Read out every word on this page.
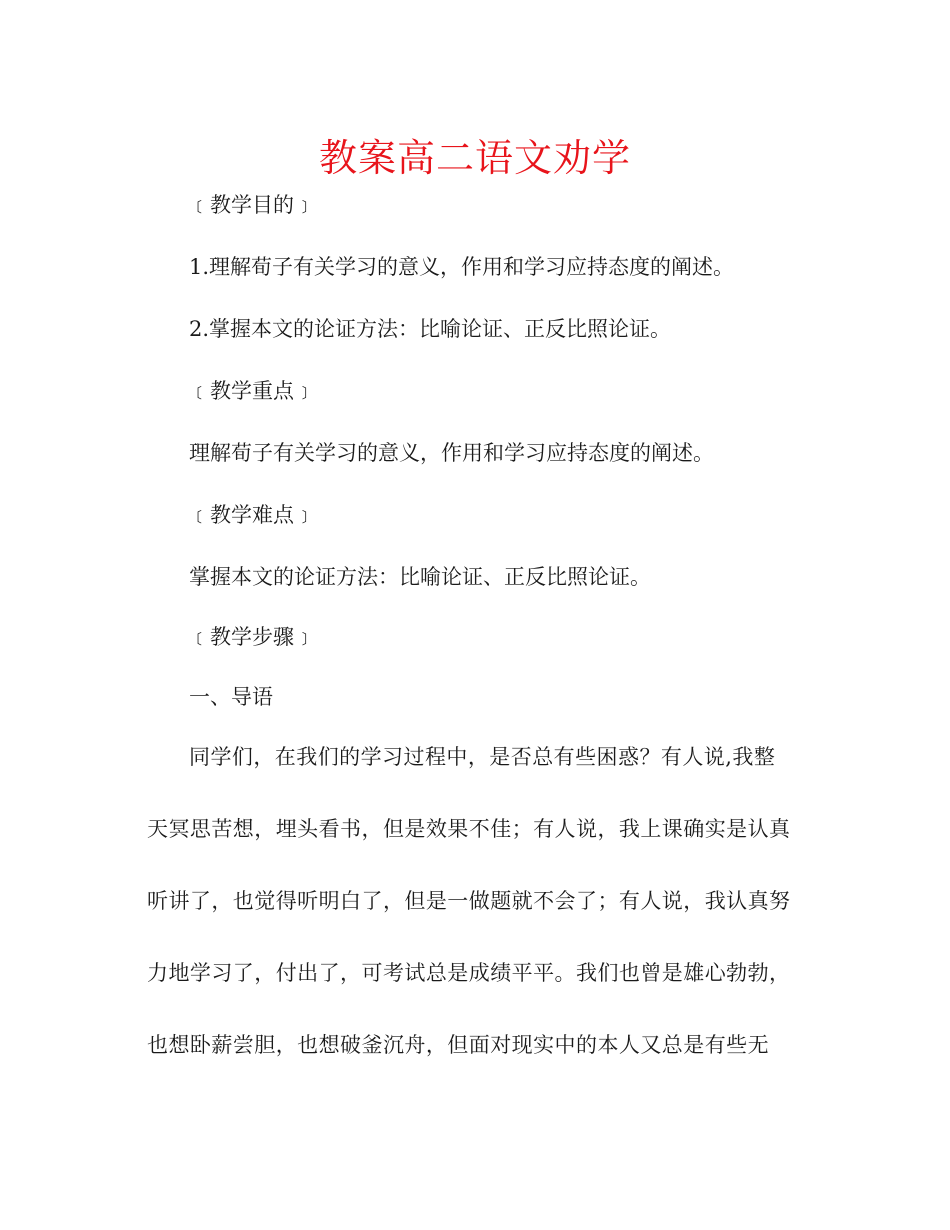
教案高二语文劝学
﹝教学目的﹞
1.理解荀子有关学习的意义，作用和学习应持态度的阐述。
2.掌握本文的论证方法：比喻论证、正反比照论证。
﹝教学重点﹞
理解荀子有关学习的意义，作用和学习应持态度的阐述。
﹝教学难点﹞
掌握本文的论证方法：比喻论证、正反比照论证。
﹝教学步骤﹞
一、导语
同学们，在我们的学习过程中，是否总有些困惑？有人说,我整
天冥思苦想，埋头看书，但是效果不佳；有人说，我上课确实是认真
听讲了，也觉得听明白了，但是一做题就不会了；有人说，我认真努
力地学习了，付出了，可考试总是成绩平平。我们也曾是雄心勃勃，
也想卧薪尝胆，也想破釜沉舟，但面对现实中的本人又总是有些无
